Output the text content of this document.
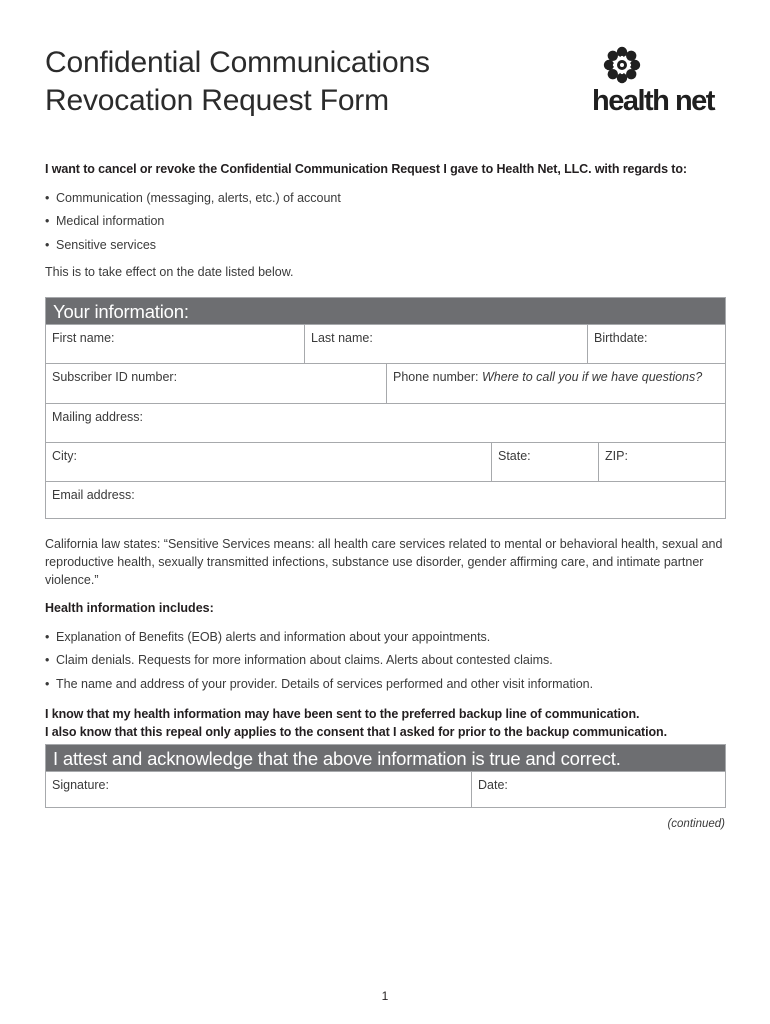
Confidential Communications
Revocation Request Form	health net.

I want to cancel or revoke the Confidential Communication Request I gave to Health Net, LLC. with regards to:

• Communication (messaging, alerts, etc.) of account
• Medical information
• Sensitive services

This is to take effect on the date listed below.

Your information:
First name:	Last name:	Birthdate:
Subscriber ID number:	Phone number: Where to call you if we have questions?
Mailing address:
City:	State:	ZIP:
Email address:

California law states: “Sensitive Services means: all health care services related to mental or behavioral health, sexual and reproductive health, sexually transmitted infections, substance use disorder, gender affirming care, and intimate partner violence.”

Health information includes:

• Explanation of Benefits (EOB) alerts and information about your appointments.
• Claim denials. Requests for more information about claims. Alerts about contested claims.
• The name and address of your provider. Details of services performed and other visit information.
I know that my health information may have been sent to the preferred backup line of communication.
I also know that this repeal only applies to the consent that I asked for prior to the backup communication.
I attest and acknowledge that the above information is true and correct.
Signature:	Date:

(continued)

1
